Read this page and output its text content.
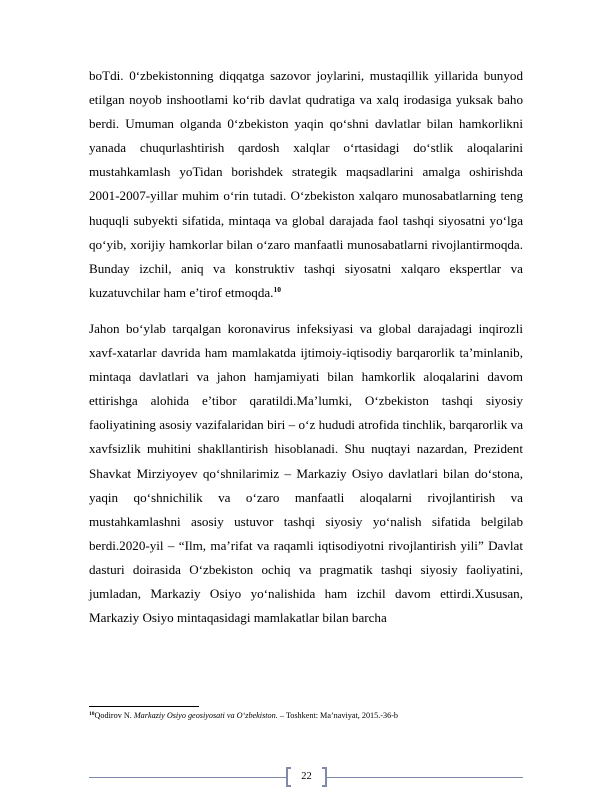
boTdi. 0‘zbekistonning diqqatga sazovor joylarini, mustaqillik yillarida bunyod etilgan noyob inshootlami ko‘rib davlat qudratiga va xalq irodasiga yuksak baho berdi. Umuman olganda 0‘zbekiston yaqin qo‘shni davlatlar bilan hamkorlikni yanada chuqurlashtirish qardosh xalqlar o‘rtasidagi do‘stlik aloqalarini mustahkamlash yoTidan borishdek strategik maqsadlarini amalga oshirishda 2001-2007-yillar muhim o‘rin tutadi. O‘zbekiston xalqaro munosabatlarning teng huquqli subyekti sifatida, mintaqa va global darajada faol tashqi siyosatni yo‘lga qo‘yib, xorijiy hamkorlar bilan o‘zaro manfaatli munosabatlarni rivojlantirmoqda. Bunday izchil, aniq va konstruktiv tashqi siyosatni xalqaro ekspertlar va kuzatuvchilar ham e’tirof etmoqda.$^{10}$

Jahon bo‘ylab tarqalgan koronavirus infeksiyasi va global darajadagi inqirozli xavf-xatarlar davrida ham mamlakatda ijtimoiy-iqtisodiy barqarorlik ta’minlanib, mintaqa davlatlari va jahon hamjamiyati bilan hamkorlik aloqalarini davom ettirishga alohida e’tibor qaratildi.Ma’lumki, O‘zbekiston tashqi siyosiy faoliyatining asosiy vazifalaridan biri – o‘z hududi atrofida tinchlik, barqarorlik va xavfsizlik muhitini shakllantirish hisoblanadi. Shu nuqtayi nazardan, Prezident Shavkat Mirziyoyev qo‘shnilarimiz – Markaziy Osiyo davlatlari bilan do‘stona, yaqin qo‘shnichilik va o‘zaro manfaatli aloqalarni rivojlantirish va mustahkamlashni asosiy ustuvor tashqi siyosiy yo‘nalish sifatida belgilab berdi.2020-yil – “Ilm, ma’rifat va raqamli iqtisodiyotni rivojlantirish yili” Davlat dasturi doirasida O‘zbekiston ochiq va pragmatik tashqi siyosiy faoliyatini, jumladan, Markaziy Osiyo yo‘nalishida ham izchil davom ettirdi.Xususan, Markaziy Osiyo mintaqasidagi mamlakatlar bilan barcha

$^{10}$Qodirov N. Markaziy Osiyo geosiyosati va O‘zbekiston. – Toshkent: Ma’naviyat, 2015.-36-b
22
